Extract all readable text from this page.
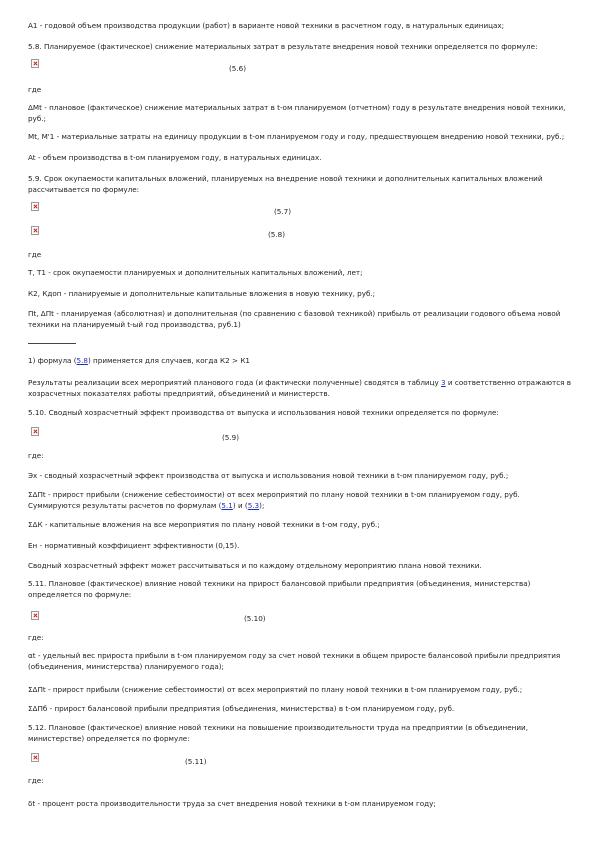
A1 - годовой объем производства продукции (работ) в варианте новой техники в расчетном году, в натуральных единицах;
5.8. Планируемое (фактическое) снижение материальных затрат в результате внедрения новой техники определяется по формуле:
(5.6)
где
ΔМt - плановое (фактическое) снижение материальных затрат в t-ом планируемом (отчетном) году в результате внедрения новой техники, руб.;
Mt, M'1 - материальные затраты на единицу продукции в t-ом планируемом году и году, предшествующем внедрению новой техники, руб.;
At - объем производства в t-ом планируемом году, в натуральных единицах.
5.9. Срок окупаемости капитальных вложений, планируемых на внедрение новой техники и дополнительных капитальных вложений рассчитывается по формуле:
(5.7)
(5.8)
где
Т, Т1 - срок окупаемости планируемых и дополнительных капитальных вложений, лет;
К2, Кдоп - планируемые и дополнительные капитальные вложения в новую технику, руб.;
Пt, ΔПt - планируемая (абсолютная) и дополнительная (по сравнению с базовой техникой) прибыль от реализации годового объема новой техники на планируемый t-ый год производства, руб.1)
1) формула (5.8) применяется для случаев, когда К2 > К1
Результаты реализации всех мероприятий планового года (и фактически полученные) сводятся в таблицу 3 и соответственно отражаются в хозрасчетных показателях работы предприятий, объединений и министерств.
5.10. Сводный хозрасчетный эффект производства от выпуска и использования новой техники определяется по формуле:
(5.9)
где:
Эх - сводный хозрасчетный эффект производства от выпуска и использования новой техники в t-ом планируемом году, руб.;
ΣΔПt - прирост прибыли (снижение себестоимости) от всех мероприятий по плану новой техники в t-ом планируемом году, руб. Суммируются результаты расчетов по формулам (5.1) и (5.3);
ΣΔК - капитальные вложения на все мероприятия по плану новой техники в t-ом году, руб.;
Ен - нормативный коэффициент эффективности (0,15).
Сводный хозрасчетный эффект может рассчитываться и по каждому отдельному мероприятию плана новой техники.
5.11. Плановое (фактическое) влияние новой техники на прирост балансовой прибыли предприятия (объединения, министерства) определяется по формуле:
(5.10)
где:
αt - удельный вес прироста прибыли в t-ом планируемом году за счет новой техники в общем приросте балансовой прибыли предприятия (объединения, министерства) планируемого года);
ΣΔПt - прирост прибыли (снижение себестоимости) от всех мероприятий по плану новой техники в t-ом планируемом году, руб.;
ΣΔПб - прирост балансовой прибыли предприятия (объединения, министерства) в t-ом планируемом году, руб.
5.12. Плановое (фактическое) влияние новой техники на повышение производительности труда на предприятии (в объединении, министерстве) определяется по формуле:
(5.11)
где:
δt - процент роста производительности труда за счет внедрения новой техники в t-ом планируемом году;
